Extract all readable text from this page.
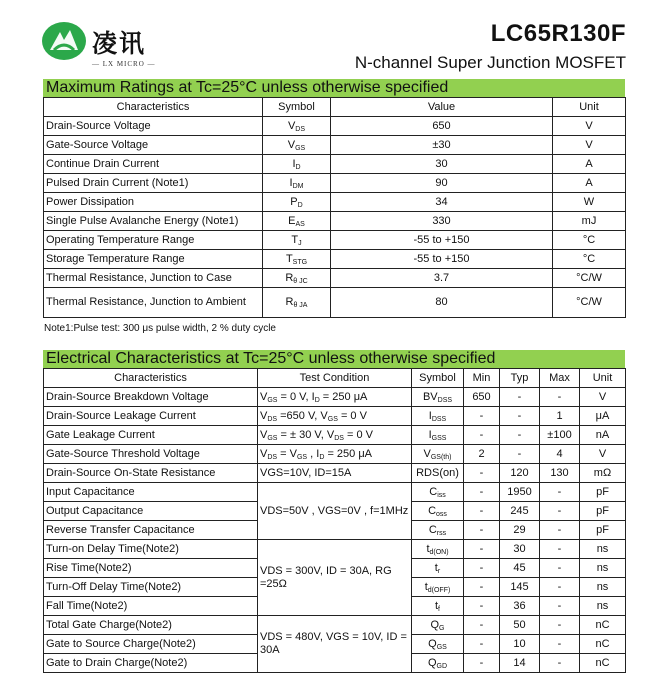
凌讯
— LX MICRO —
LC65R130F
N-channel Super Junction MOSFET
Maximum Ratings at Tc=25°C unless otherwise specified
Characteristics	Symbol	Value	Unit
Drain-Source Voltage	$V_{DS}$	650	V
Gate-Source Voltage	$V_{GS}$	±30	V
Continue Drain Current	$I_D$	30	A
Pulsed Drain Current (Note1)	$I_{DM}$	90	A
Power Dissipation	$P_D$	34	W
Single Pulse Avalanche Energy (Note1)	$E_{AS}$	330	mJ
Operating Temperature Range	$T_J$	-55 to +150	°C
Storage Temperature Range	$T_{STG}$	-55 to +150	°C
Thermal Resistance, Junction to Case	$R_{\theta JC}$	3.7	°C/W
Thermal Resistance, Junction to Ambient	$R_{\theta JA}$	80	°C/W
Note1:Pulse test: 300 μs pulse width, 2 % duty cycle
Electrical Characteristics at Tc=25°C unless otherwise specified
Characteristics	Test Condition	Symbol	Min	Typ	Max	Unit
Drain-Source Breakdown Voltage	$V_{GS} = 0$ V, $I_D = 250$ μA	$BV_{DSS}$	650	-	-	V
Drain-Source Leakage Current	$V_{DS} =650$ V, $V_{GS} = 0$ V	$I_{DSS}$	-	-	1	μA
Gate Leakage Current	$V_{GS}$ = ± 30 V, $V_{DS} = 0$ V	$I_{GSS}$	-	-	±100	nA
Gate-Source Threshold Voltage	$V_{DS} = V_{GS}$ , $I_D = 250$ μA	$V_{GS(th)}$	2	-	4	V
Drain-Source On-State Resistance	VGS=10V, ID=15A	RDS(on)	-	120	130	mΩ
Input Capacitance	VDS=50V , VGS=0V , f=1MHz	$C_{iss}$	-	1950	-	pF
Output Capacitance		$C_{oss}$	-	245	-	pF
Reverse Transfer Capacitance		$C_{rss}$	-	29	-	pF
Turn-on Delay Time(Note2)	VDS = 300V, ID = 30A, RG =25Ω	$t_{d(ON)}$	-	30	-	ns
Rise Time(Note2)		$t_r$	-	45	-	ns
Turn-Off Delay Time(Note2)		$t_{d(OFF)}$	-	145	-	ns
Fall Time(Note2)		$t_f$	-	36	-	ns
Total Gate Charge(Note2)	VDS = 480V, VGS = 10V, ID = 30A	$Q_G$	-	50	-	nC
Gate to Source Charge(Note2)		$Q_{GS}$	-	10	-	nC
Gate to Drain Charge(Note2)		$Q_{GD}$	-	14	-	nC
